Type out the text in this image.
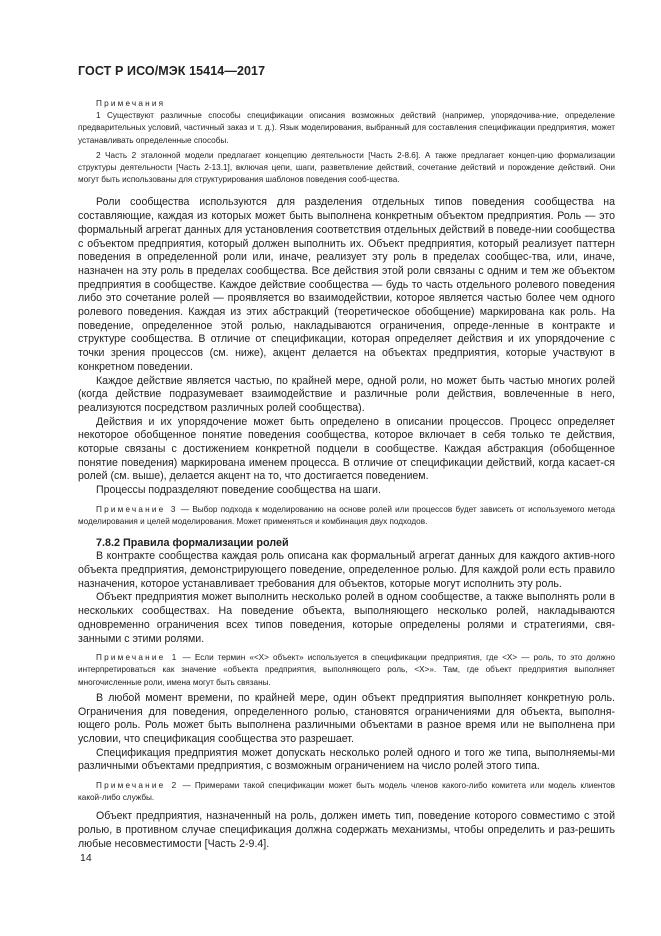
ГОСТ Р ИСО/МЭК 15414—2017

Примечания

1 Существуют различные способы спецификации описания возможных действий (например, упорядочива-ние, определение предварительных условий, частичный заказ и т. д.). Язык моделирования, выбранный для составления спецификации предприятия, может устанавливать определенные способы.

2 Часть 2 эталонной модели предлагает концепцию деятельности [Часть 2-8.6]. А также предлагает концеп-цию формализации структуры деятельности [Часть 2-13.1], включая цепи, шаги, разветвление действий, сочетание действий и порождение действий. Они могут быть использованы для структурирования шаблонов поведения сооб-щества.

Роли сообщества используются для разделения отдельных типов поведения сообщества на составляющие, каждая из которых может быть выполнена конкретным объектом предприятия. Роль — это формальный агрегат данных для установления соответствия отдельных действий в поведе-нии сообщества с объектом предприятия, который должен выполнить их. Объект предприятия, который реализует паттерн поведения в определенной роли или, иначе, реализует эту роль в пределах сообщес-тва, или, иначе, назначен на эту роль в пределах сообщества. Все действия этой роли связаны с одним и тем же объектом предприятия в сообществе. Каждое действие сообщества — будь то часть отдельного ролевого поведения либо это сочетание ролей — проявляется во взаимодействии, которое является частью более чем одного ролевого поведения. Каждая из этих абстракций (теоретическое обобщение) маркирована как роль. На поведение, определенное этой ролью, накладываются ограничения, опреде-ленные в контракте и структуре сообщества. В отличие от спецификации, которая определяет действия и их упорядочение с точки зрения процессов (см. ниже), акцент делается на объектах предприятия, которые участвуют в конкретном поведении.

Каждое действие является частью, по крайней мере, одной роли, но может быть частью многих ролей (когда действие подразумевает взаимодействие и различные роли действия, вовлеченные в него, реализуются посредством различных ролей сообщества).

Действия и их упорядочение может быть определено в описании процессов. Процесс определяет некоторое обобщенное понятие поведения сообщества, которое включает в себя только те действия, которые связаны с достижением конкретной подцели в сообществе. Каждая абстракция (обобщенное понятие поведения) маркирована именем процесса. В отличие от спецификации действий, когда касает-ся ролей (см. выше), делается акцент на то, что достигается поведением.

Процессы подразделяют поведение сообщества на шаги.

Примечание 3 — Выбор подхода к моделированию на основе ролей или процессов будет зависеть от используемого метода моделирования и целей моделирования. Может применяться и комбинация двух подходов.

7.8.2 Правила формализации ролей

В контракте сообщества каждая роль описана как формальный агрегат данных для каждого актив-ного объекта предприятия, демонстрирующего поведение, определенное ролью. Для каждой роли есть правило назначения, которое устанавливает требования для объектов, которые могут исполнить эту роль.

Объект предприятия может выполнить несколько ролей в одном сообществе, а также выполнять роли в нескольких сообществах. На поведение объекта, выполняющего несколько ролей, накладываются одновременно ограничения всех типов поведения, которые определены ролями и стратегиями, свя-занными с этими ролями.

Примечание 1 — Если термин «<X> объект» используется в спецификации предприятия, где <X> — роль, то это должно интерпретироваться как значение «объекта предприятия, выполняющего роль, <X>». Там, где объект предприятия выполняет многочисленные роли, имена могут быть связаны.

В любой момент времени, по крайней мере, один объект предприятия выполняет конкретную роль. Ограничения для поведения, определенного ролью, становятся ограничениями для объекта, выполня-ющего роль. Роль может быть выполнена различными объектами в разное время или не выполнена при условии, что спецификация сообщества это разрешает.

Спецификация предприятия может допускать несколько ролей одного и того же типа, выполняемы-ми различными объектами предприятия, с возможным ограничением на число ролей этого типа.

Примечание 2 — Примерами такой спецификации может быть модель членов какого-либо комитета или модель клиентов какой-либо службы.

Объект предприятия, назначенный на роль, должен иметь тип, поведение которого совместимо с этой ролью, в противном случае спецификация должна содержать механизмы, чтобы определить и раз-решить любые несовместимости [Часть 2-9.4].

14
